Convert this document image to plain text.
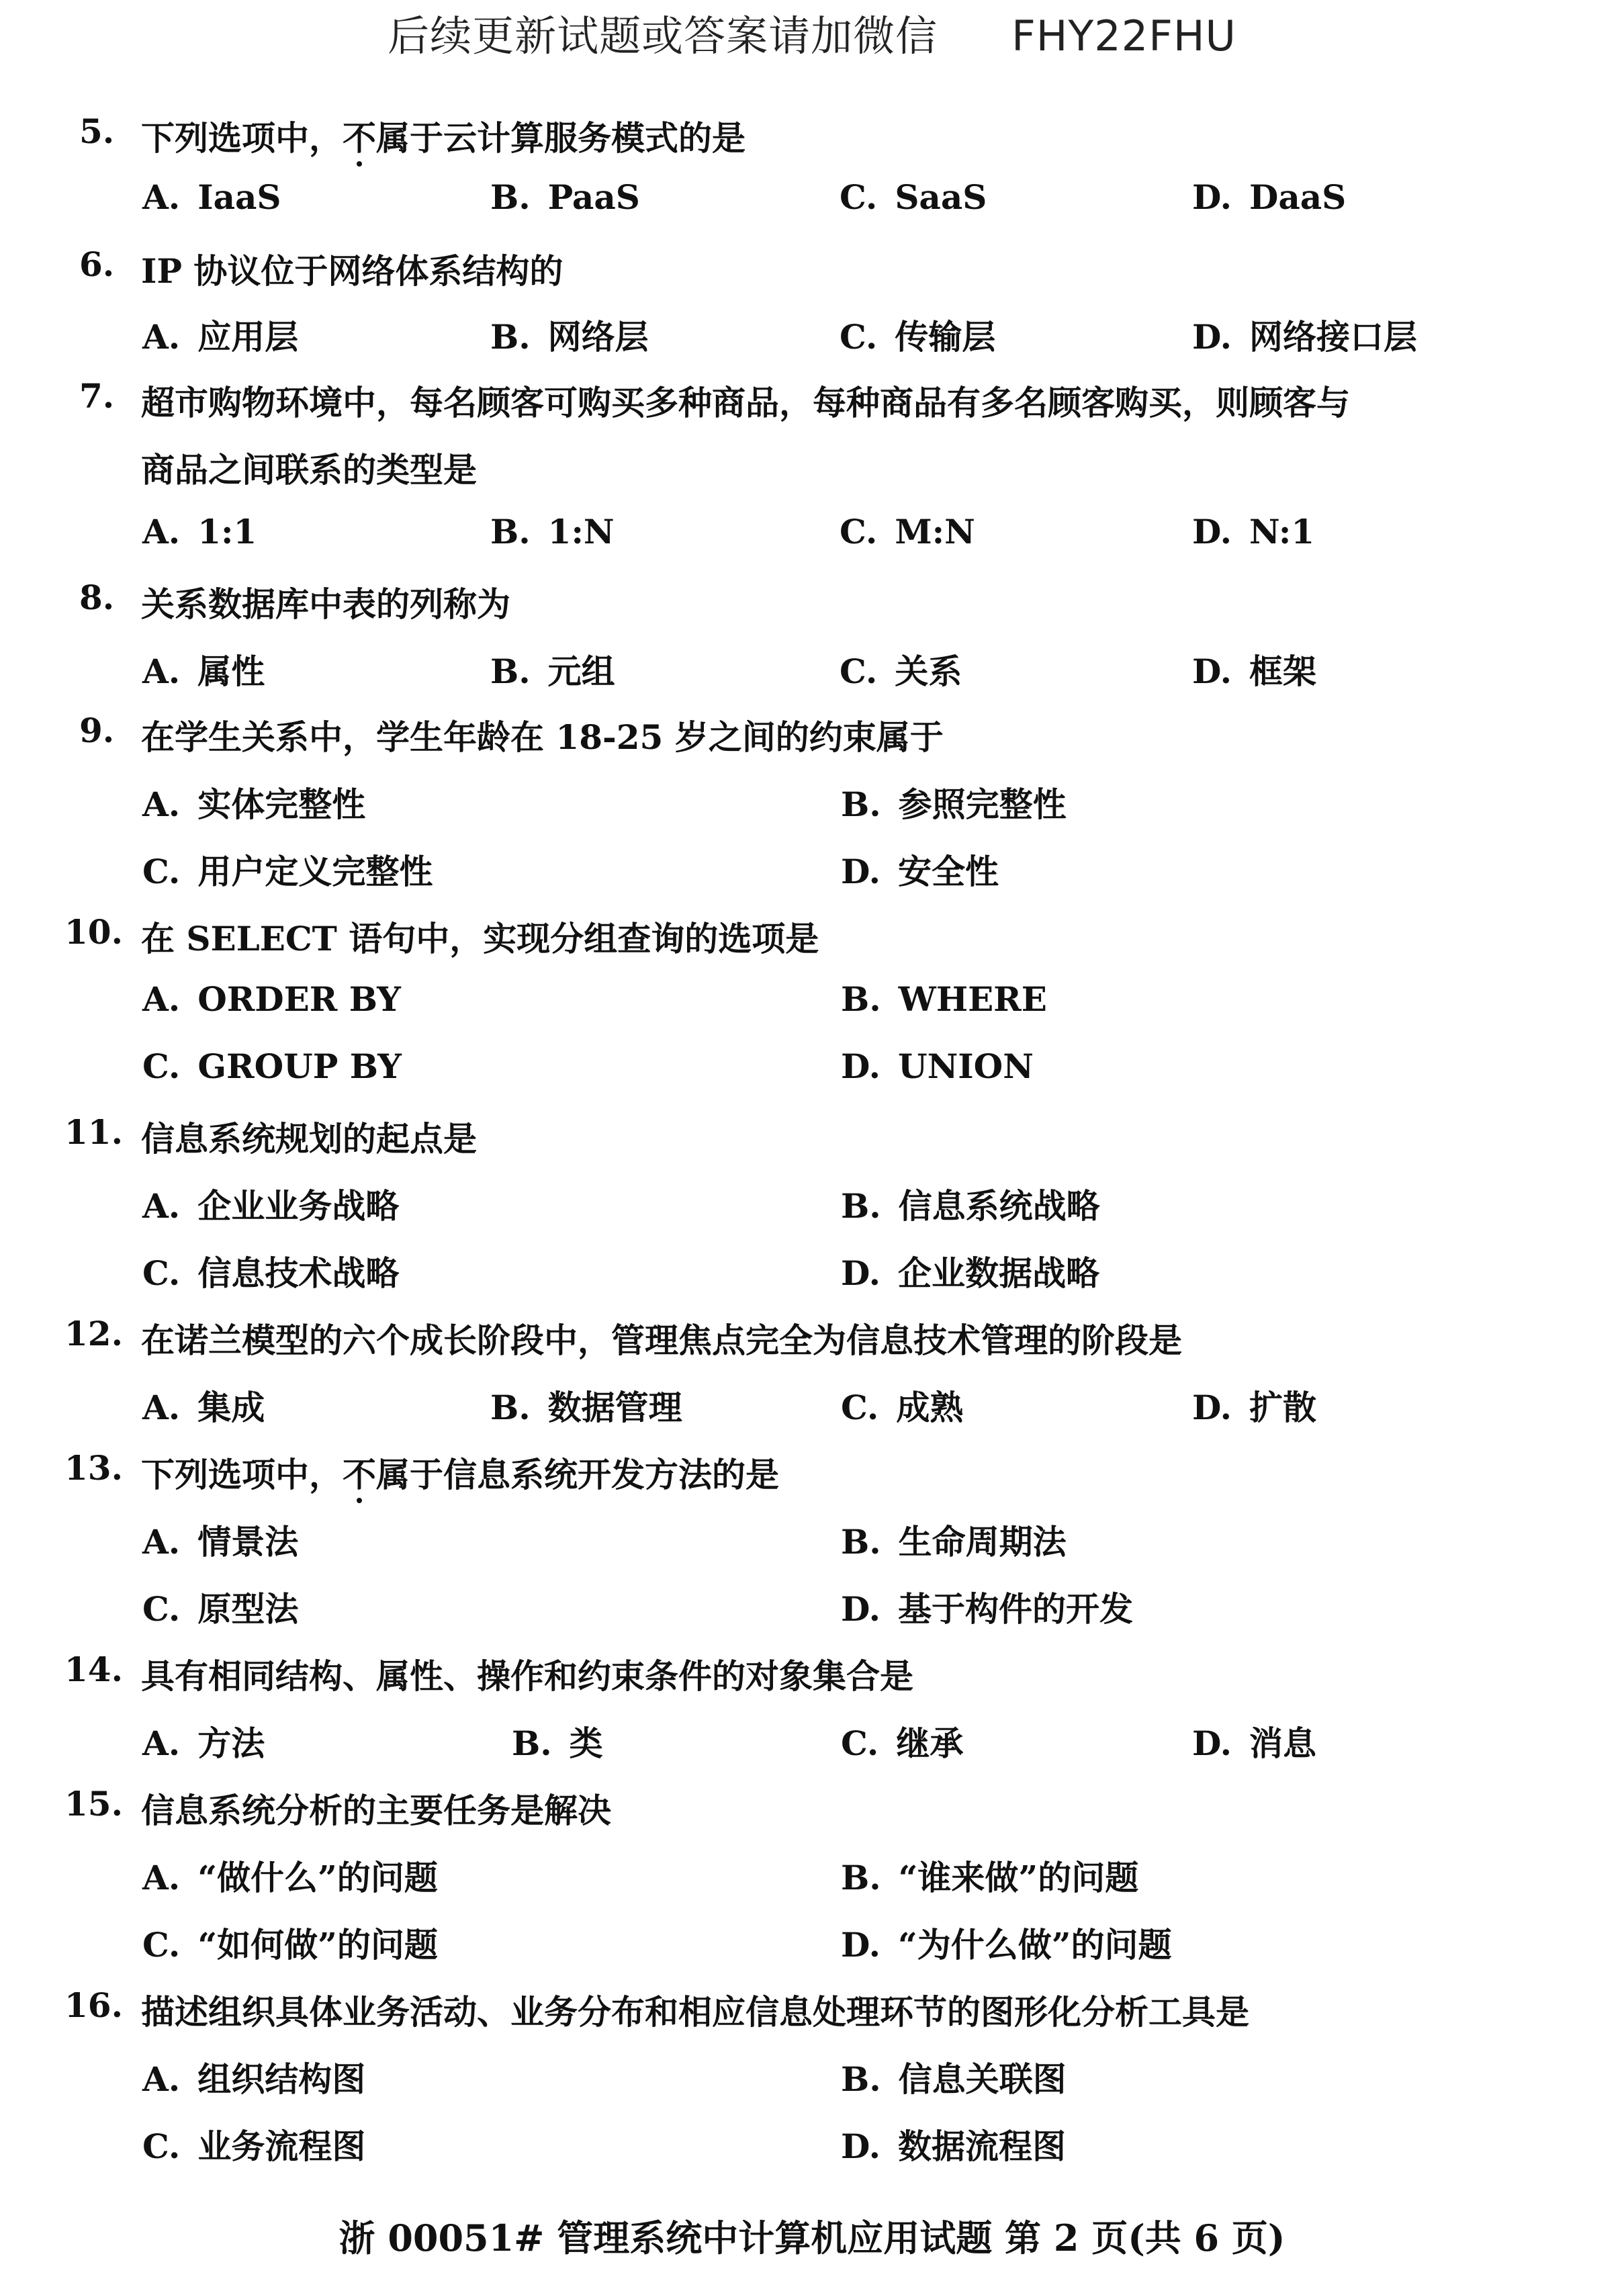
后续更新试题或答案请加微信 FHY22FHU
5. 下列选项中，不属于云计算服务模式的是
A. IaaS	B. PaaS	C. SaaS	D. DaaS
6. IP 协议位于网络体系结构的
A. 应用层	B. 网络层	C. 传输层	D. 网络接口层
7. 超市购物环境中，每名顾客可购买多种商品，每种商品有多名顾客购买，则顾客与
商品之间联系的类型是
A. 1:1	B. 1:N	C. M:N	D. N:1
8. 关系数据库中表的列称为
A. 属性	B. 元组	C. 关系	D. 框架
9. 在学生关系中，学生年龄在 18-25 岁之间的约束属于
A. 实体完整性	B. 参照完整性
C. 用户定义完整性	D. 安全性
10. 在 SELECT 语句中，实现分组查询的选项是
A. ORDER BY	B. WHERE
C. GROUP BY	D. UNION
11. 信息系统规划的起点是
A. 企业业务战略	B. 信息系统战略
C. 信息技术战略	D. 企业数据战略
12. 在诺兰模型的六个成长阶段中，管理焦点完全为信息技术管理的阶段是
A. 集成	B. 数据管理	C. 成熟	D. 扩散
13. 下列选项中，不属于信息系统开发方法的是
A. 情景法	B. 生命周期法
C. 原型法	D. 基于构件的开发
14. 具有相同结构、属性、操作和约束条件的对象集合是
A. 方法	B. 类	C. 继承	D. 消息
15. 信息系统分析的主要任务是解决
A. “做什么”的问题	B. “谁来做”的问题
C. “如何做”的问题	D. “为什么做”的问题
16. 描述组织具体业务活动、业务分布和相应信息处理环节的图形化分析工具是
A. 组织结构图	B. 信息关联图
C. 业务流程图	D. 数据流程图
浙 00051# 管理系统中计算机应用试题 第 2 页(共 6 页)
